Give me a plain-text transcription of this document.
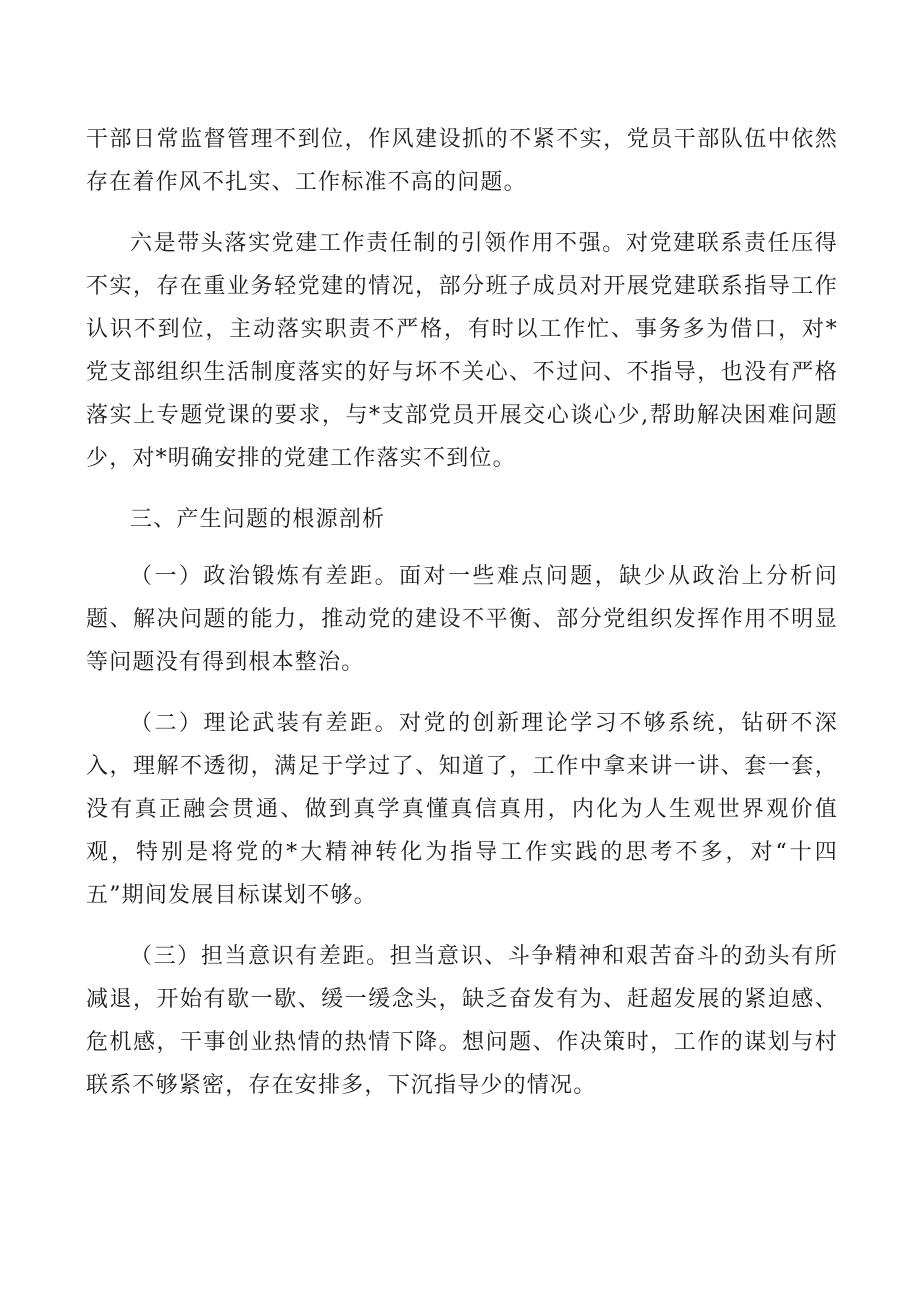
干部日常监督管理不到位，作风建设抓的不紧不实，党员干部队伍中依然存在着作风不扎实、工作标准不高的问题。

六是带头落实党建工作责任制的引领作用不强。对党建联系责任压得不实，存在重业务轻党建的情况，部分班子成员对开展党建联系指导工作认识不到位，主动落实职责不严格，有时以工作忙、事务多为借口，对*党支部组织生活制度落实的好与坏不关心、不过问、不指导，也没有严格落实上专题党课的要求，与*支部党员开展交心谈心少,帮助解决困难问题少，对*明确安排的党建工作落实不到位。

三、产生问题的根源剖析

（一）政治锻炼有差距。面对一些难点问题，缺少从政治上分析问题、解决问题的能力，推动党的建设不平衡、部分党组织发挥作用不明显等问题没有得到根本整治。

（二）理论武装有差距。对党的创新理论学习不够系统，钻研不深入，理解不透彻，满足于学过了、知道了，工作中拿来讲一讲、套一套，没有真正融会贯通、做到真学真懂真信真用，内化为人生观世界观价值观，特别是将党的*大精神转化为指导工作实践的思考不多，对“十四五”期间发展目标谋划不够。

（三）担当意识有差距。担当意识、斗争精神和艰苦奋斗的劲头有所减退，开始有歇一歇、缓一缓念头，缺乏奋发有为、赶超发展的紧迫感、危机感，干事创业热情的热情下降。想问题、作决策时，工作的谋划与村联系不够紧密，存在安排多，下沉指导少的情况。
